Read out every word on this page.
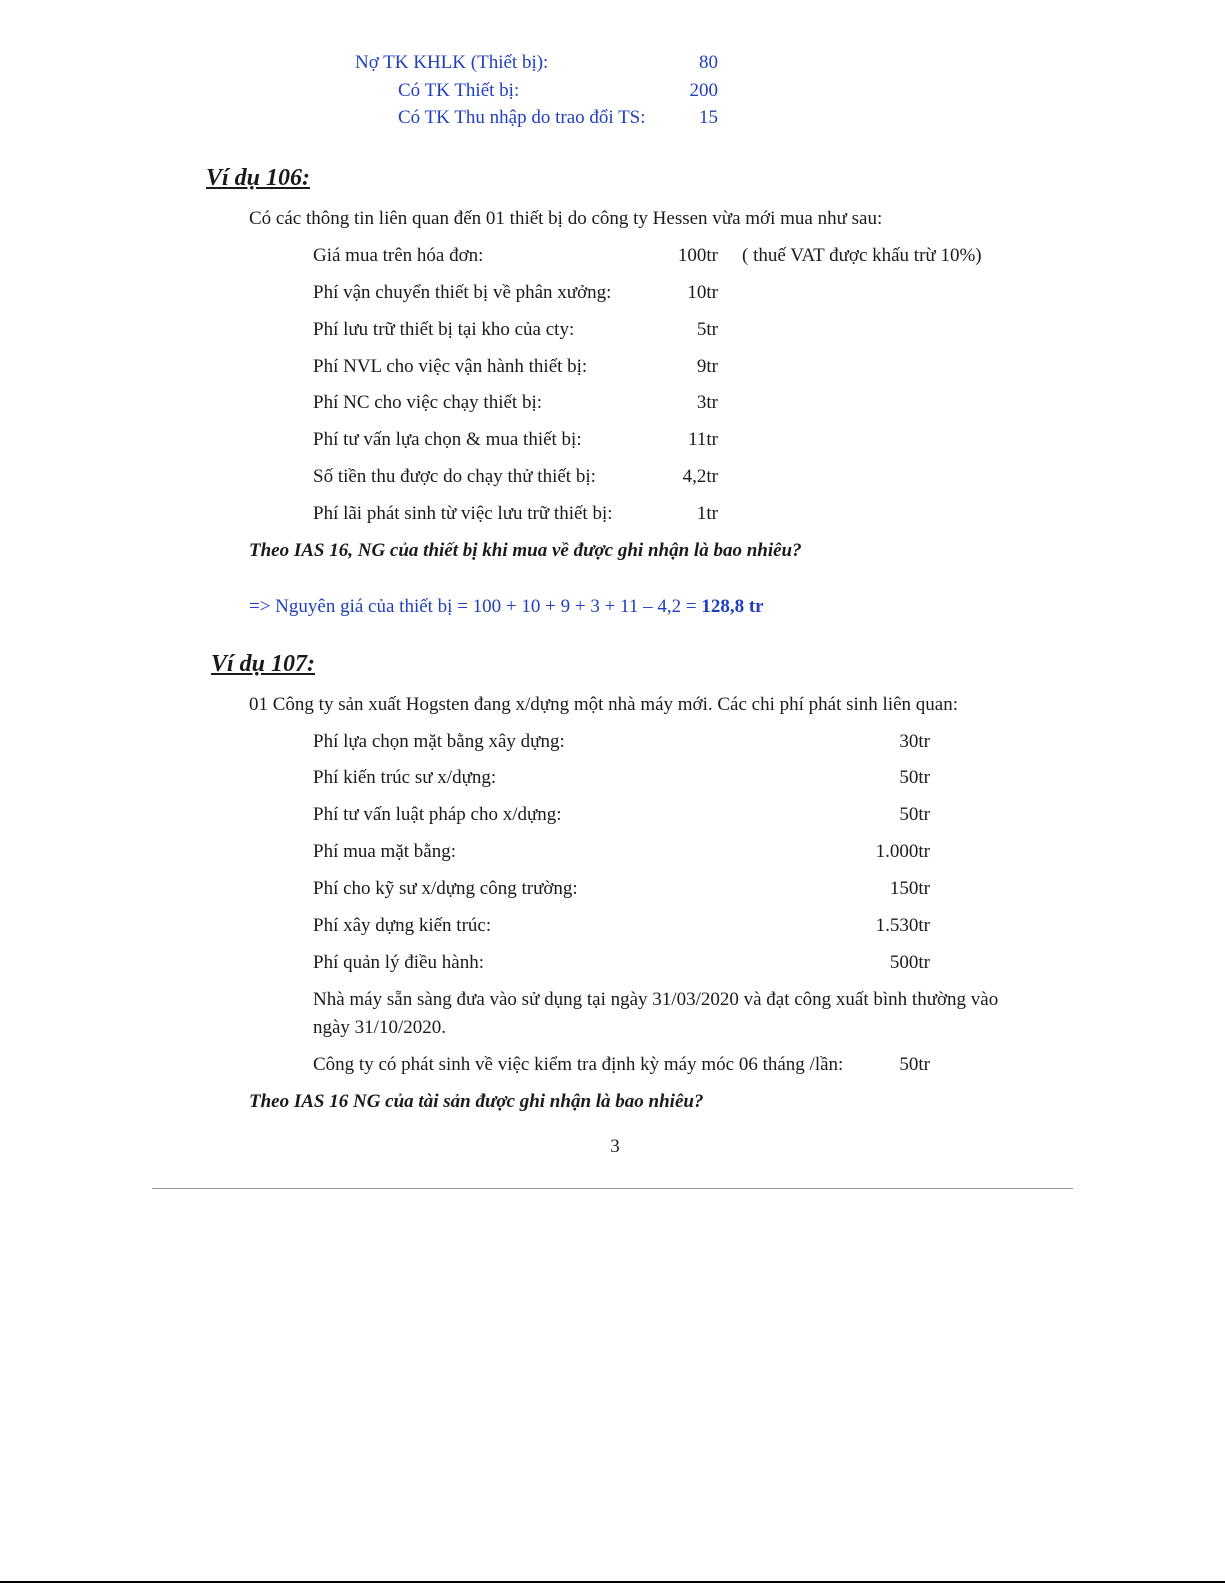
Nợ TK KHLK (Thiết bị):	80
Có TK Thiết bị:	200
Có TK Thu nhập do trao đổi TS:	15
Ví dụ 106:
Có các thông tin liên quan đến 01 thiết bị do công ty Hessen vừa mới mua như sau:
Giá mua trên hóa đơn:	100tr ( thuế VAT được khấu trừ 10%)
Phí vận chuyển thiết bị về phân xưởng:	10tr
Phí lưu trữ thiết bị tại kho của cty:	5tr
Phí NVL cho việc vận hành thiết bị:	9tr
Phí NC cho việc chạy thiết bị:	3tr
Phí tư vấn lựa chọn & mua thiết bị:	11tr
Số tiền thu được do chạy thử thiết bị:	4,2tr
Phí lãi phát sinh từ việc lưu trữ thiết bị:	1tr
Theo IAS 16, NG của thiết bị khi mua về được ghi nhận là bao nhiêu?
=> Nguyên giá của thiết bị = 100 + 10 + 9 + 3 + 11 – 4,2 = 128,8 tr
Ví dụ 107:
01 Công ty sản xuất Hogsten đang x/dựng một nhà máy mới. Các chi phí phát sinh liên quan:
Phí lựa chọn mặt bằng xây dựng:	30tr
Phí kiến trúc sư x/dựng:	50tr
Phí tư vấn luật pháp cho x/dựng:	50tr
Phí mua mặt bằng:	1.000tr
Phí cho kỹ sư x/dựng công trường:	150tr
Phí xây dựng kiến trúc:	1.530tr
Phí quản lý điều hành:	500tr
Nhà máy sẵn sàng đưa vào sử dụng tại ngày 31/03/2020 và đạt công xuất bình thường vào
ngày 31/10/2020.
Công ty có phát sinh về việc kiểm tra định kỳ máy móc 06 tháng /lần:	50tr
Theo IAS 16 NG của tài sản được ghi nhận là bao nhiêu?
3
